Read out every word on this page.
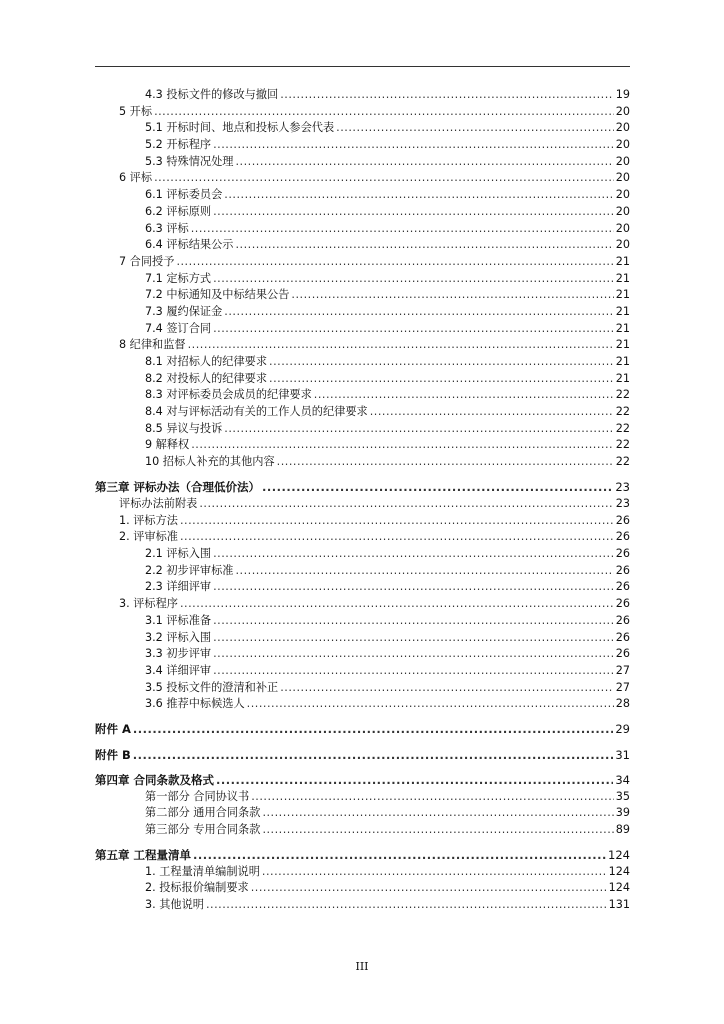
4.3 投标文件的修改与撤回 .....	19
5 开标 .....	20
5.1 开标时间、地点和投标人参会代表 .....	20
5.2 开标程序 .....	20
5.3 特殊情况处理 .....	20
6 评标 .....	20
6.1 评标委员会 .....	20
6.2 评标原则 .....	20
6.3 评标 .....	20
6.4 评标结果公示 .....	20
7 合同授予 .....	21
7.1 定标方式 .....	21
7.2 中标通知及中标结果公告 .....	21
7.3 履约保证金 .....	21
7.4 签订合同 .....	21
8 纪律和监督 .....	21
8.1 对招标人的纪律要求 .....	21
8.2 对投标人的纪律要求 .....	21
8.3 对评标委员会成员的纪律要求 .....	22
8.4 对与评标活动有关的工作人员的纪律要求 .....	22
8.5 异议与投诉 .....	22
9 解释权 .....	22
10 招标人补充的其他内容 .....	22
第三章 评标办法（合理低价法） .....	23
评标办法前附表 .....	23
1. 评标方法 .....	26
2. 评审标准 .....	26
2.1 评标入围 .....	26
2.2 初步评审标准 .....	26
2.3 详细评审 .....	26
3. 评标程序 .....	26
3.1 评标准备 .....	26
3.2 评标入围 .....	26
3.3 初步评审 .....	26
3.4 详细评审 .....	27
3.5 投标文件的澄清和补正 .....	27
3.6 推荐中标候选人 .....	28
附件 A .....	29
附件 B .....	31
第四章 合同条款及格式 .....	34
第一部分 合同协议书 .....	35
第二部分 通用合同条款 .....	39
第三部分 专用合同条款 .....	89
第五章 工程量清单 .....	124
1. 工程量清单编制说明 .....	124
2. 投标报价编制要求 .....	124
3. 其他说明 .....	131
III
